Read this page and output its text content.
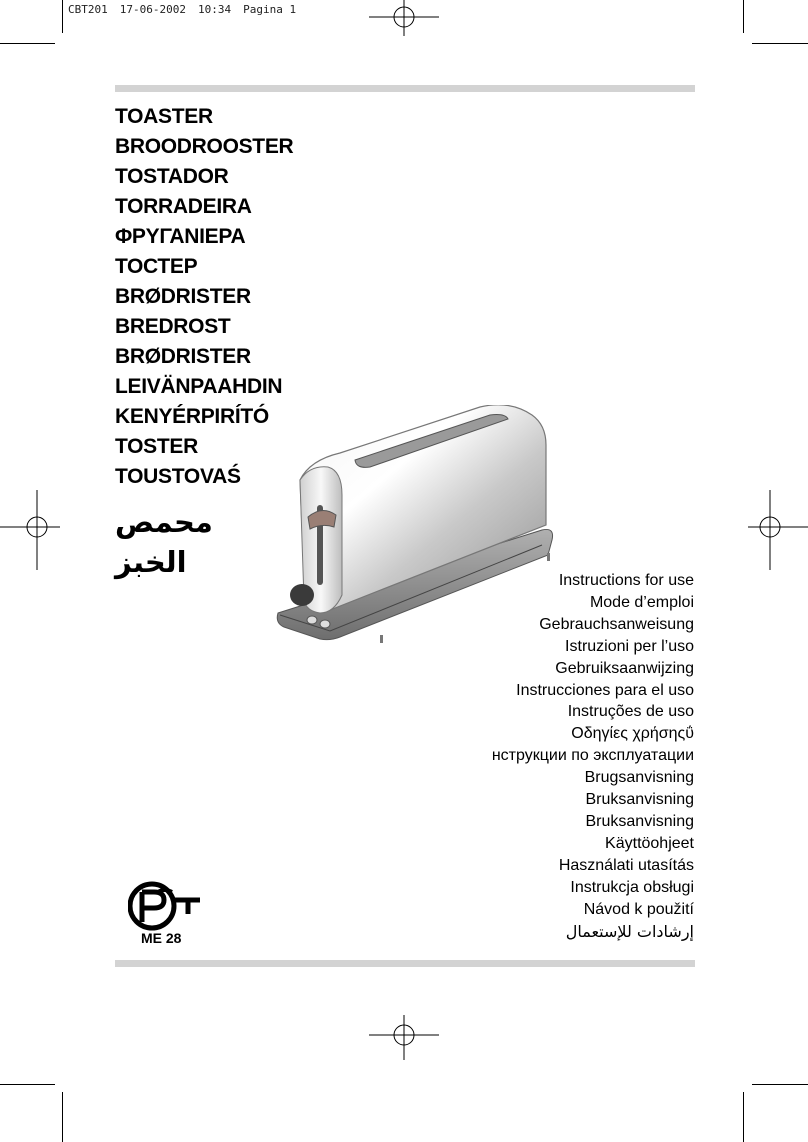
CBT201 17-06-2002 10:34 Pagina 1
TOASTER
BROODROOSTER
TOSTADOR
TORRADEIRA
ΦΡΥΓΑΝΙΕΡΑ
ТОСТЕР
BRØDRISTER
BREDROST
BRØDRISTER
LEIVÄNPAAHDIN
KENYÉRPIRÍTÓ
TOSTER
TOUSTOVAŚ
محمص الخبز
Instructions for use
Mode d’emploi
Gebrauchsanweisung
Istruzioni per l’uso
Gebruiksaanwijzing
Instrucciones para el uso
Instruções de uso
Οδηγίες χρήσηςΰ
нструкции по эксплуатации
Brugsanvisning
Bruksanvisning
Bruksanvisning
Käyttöohjeet
Használati utasítás
Instrukcja obsługi
Návod k použití
إرشادات للإستعمال
ME 28
